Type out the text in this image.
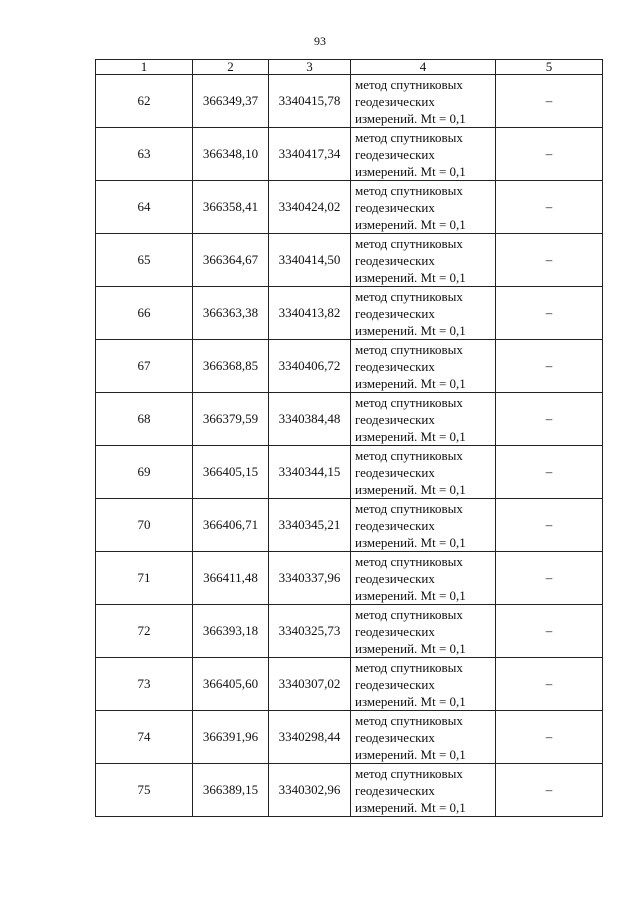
93
1	2	3	4	5
62	366349,37	3340415,78	метод спутниковых
геодезических
измерений. Mt = 0,1	–
63	366348,10	3340417,34	метод спутниковых
геодезических
измерений. Mt = 0,1	–
64	366358,41	3340424,02	метод спутниковых
геодезических
измерений. Mt = 0,1	–
65	366364,67	3340414,50	метод спутниковых
геодезических
измерений. Mt = 0,1	–
66	366363,38	3340413,82	метод спутниковых
геодезических
измерений. Mt = 0,1	–
67	366368,85	3340406,72	метод спутниковых
геодезических
измерений. Mt = 0,1	–
68	366379,59	3340384,48	метод спутниковых
геодезических
измерений. Mt = 0,1	–
69	366405,15	3340344,15	метод спутниковых
геодезических
измерений. Mt = 0,1	–
70	366406,71	3340345,21	метод спутниковых
геодезических
измерений. Mt = 0,1	–
71	366411,48	3340337,96	метод спутниковых
геодезических
измерений. Mt = 0,1	–
72	366393,18	3340325,73	метод спутниковых
геодезических
измерений. Mt = 0,1	–
73	366405,60	3340307,02	метод спутниковых
геодезических
измерений. Mt = 0,1	–
74	366391,96	3340298,44	метод спутниковых
геодезических
измерений. Mt = 0,1	–
75	366389,15	3340302,96	метод спутниковых
геодезических
измерений. Mt = 0,1	–
